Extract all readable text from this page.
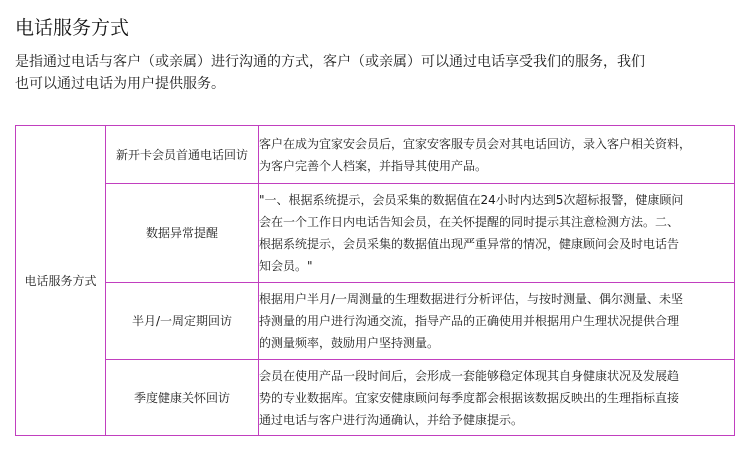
电话服务方式
是指通过电话与客户（或亲属）进行沟通的方式，客户（或亲属）可以通过电话享受我们的服务，我们
也可以通过电话为用户提供服务。
电话服务方式	新开卡会员首通电话回访	客户在成为宜家安会员后，宜家安客服专员会对其电话回访，录入客户相关资料，
为客户完善个人档案，并指导其使用产品。

	数据异常提醒	"一、根据系统提示，会员采集的数据值在24小时内达到5次超标报警，健康顾问
会在一个工作日内电话告知会员，在关怀提醒的同时提示其注意检测方法。二、
根据系统提示，会员采集的数据值出现严重异常的情况，健康顾问会及时电话告
知会员。"

	半月/一周定期回访	根据用户半月/一周测量的生理数据进行分析评估，与按时测量、偶尔测量、未坚
持测量的用户进行沟通交流，指导产品的正确使用并根据用户生理状况提供合理
的测量频率，鼓励用户坚持测量。

	季度健康关怀回访	会员在使用产品一段时间后，会形成一套能够稳定体现其自身健康状况及发展趋
势的专业数据库。宜家安健康顾问每季度都会根据该数据反映出的生理指标直接
通过电话与客户进行沟通确认，并给予健康提示。
